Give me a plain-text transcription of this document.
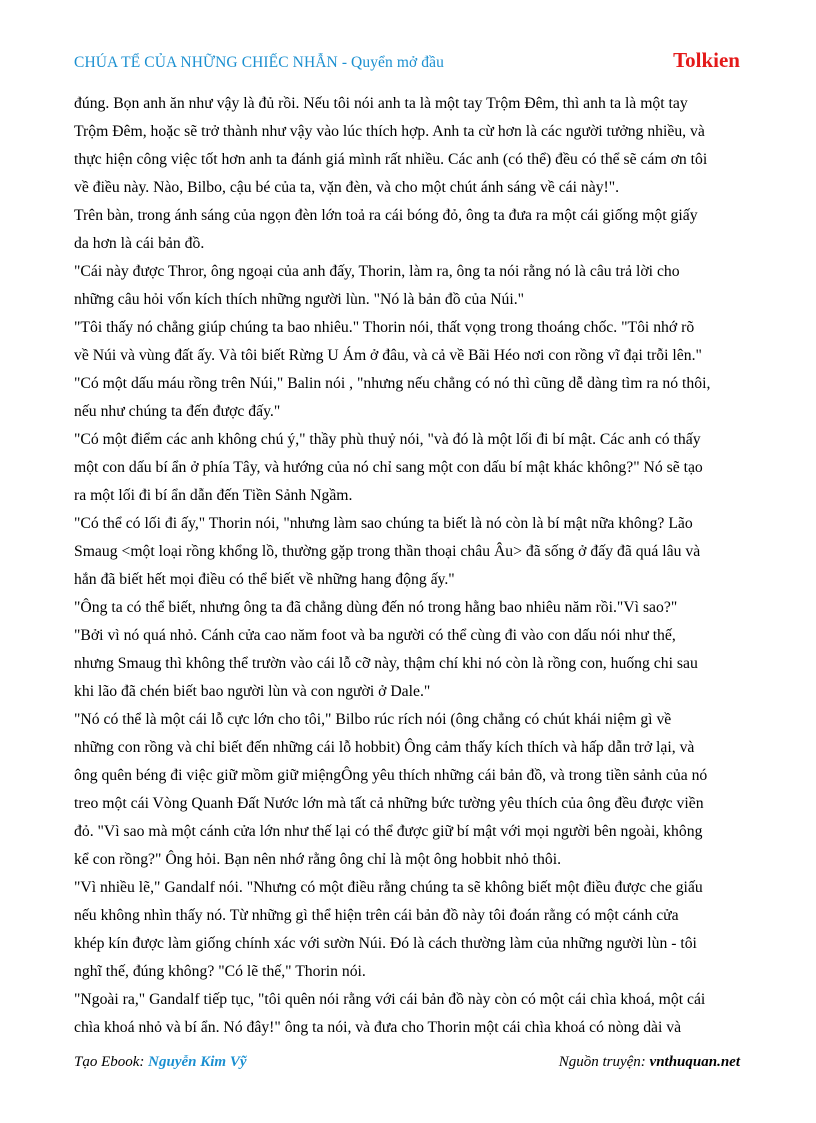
CHÚA TỂ CỦA NHỮNG CHIẾC NHẪN - Quyển mở đầu	Tolkien

đúng. Bọn anh ăn như vậy là đủ rồi. Nếu tôi nói anh ta là một tay Trộm Đêm, thì anh ta là một tay

Trộm Đêm, hoặc sẽ trở thành như vậy vào lúc thích hợp. Anh ta cừ hơn là các người tưởng nhiều, và

thực hiện công việc tốt hơn anh ta đánh giá mình rất nhiều. Các anh (có thể) đều có thể sẽ cám ơn tôi

về điều này. Nào, Bilbo, cậu bé của ta, vặn đèn, và cho một chút ánh sáng về cái này!".

Trên bàn, trong ánh sáng của ngọn đèn lớn toả ra cái bóng đỏ, ông ta đưa ra một cái giống một giấy

da hơn là cái bản đồ.

"Cái này được Thror, ông ngoại của anh đấy, Thorin, làm ra, ông ta nói rằng nó là câu trả lời cho

những câu hỏi vốn kích thích những người lùn. "Nó là bản đồ của Núi."

"Tôi thấy nó chẳng giúp chúng ta bao nhiêu." Thorin nói, thất vọng trong thoáng chốc. "Tôi nhớ rõ

về Núi và vùng đất ấy. Và tôi biết Rừng U Ám ở đâu, và cả về Bãi Héo nơi con rồng vĩ đại trỗi lên."

"Có một dấu máu rồng trên Núi," Balin nói , "nhưng nếu chẳng có nó thì cũng dễ dàng tìm ra nó thôi,

nếu như chúng ta đến được đấy."

"Có một điểm các anh không chú ý," thầy phù thuỷ nói, "và đó là một lối đi bí mật. Các anh có thấy

một con dấu bí ẩn ở phía Tây, và hướng của nó chỉ sang một con dấu bí mật khác không?" Nó sẽ tạo

ra một lối đi bí ẩn dẫn đến Tiền Sảnh Ngầm.

"Có thể có lối đi ấy," Thorin nói, "nhưng làm sao chúng ta biết là nó còn là bí mật nữa không? Lão

Smaug <một loại rồng khổng lồ, thường gặp trong thần thoại châu Âu> đã sống ở đấy đã quá lâu và

hắn đã biết hết mọi điều có thể biết về những hang động ấy."

"Ông ta có thể biết, nhưng ông ta đã chẳng dùng đến nó trong hằng bao nhiêu năm rồi."Vì sao?"

"Bởi vì nó quá nhỏ. Cánh cửa cao năm foot và ba người có thể cùng đi vào con dấu nói như thế,

nhưng Smaug thì không thể trườn vào cái lỗ cỡ này, thậm chí khi nó còn là rồng con, huống chi sau

khi lão đã chén biết bao người lùn và con người ở Dale."

"Nó có thể là một cái lỗ cực lớn cho tôi," Bilbo rúc rích nói (ông chẳng có chút khái niệm gì về

những con rồng và chỉ biết đến những cái lỗ hobbit) Ông cảm thấy kích thích và hấp dẫn trở lại, và

ông quên béng đi việc giữ mồm giữ miệngÔng yêu thích những cái bản đồ, và trong tiền sảnh của nó

treo một cái Vòng Quanh Đất Nước lớn mà tất cả những bức tường yêu thích của ông đều được viền

đỏ. "Vì sao mà một cánh cửa lớn như thế lại có thể được giữ bí mật với mọi người bên ngoài, không

kể con rồng?" Ông hỏi. Bạn nên nhớ rằng ông chỉ là một ông hobbit nhỏ thôi.

"Vì nhiều lẽ," Gandalf nói. "Nhưng có một điều rằng chúng ta sẽ không biết một điều được che giấu

nếu không nhìn thấy nó. Từ những gì thể hiện trên cái bản đồ này tôi đoán rằng có một cánh cửa

khép kín được làm giống chính xác với sườn Núi. Đó là cách thường làm của những người lùn - tôi

nghĩ thế, đúng không? "Có lẽ thế," Thorin nói.

"Ngoài ra," Gandalf tiếp tục, "tôi quên nói rằng với cái bản đồ này còn có một cái chìa khoá, một cái

chìa khoá nhỏ và bí ẩn. Nó đây!" ông ta nói, và đưa cho Thorin một cái chìa khoá có nòng dài và

Tạo Ebook: Nguyễn Kim Vỹ	Nguồn truyện: vnthuquan.net
